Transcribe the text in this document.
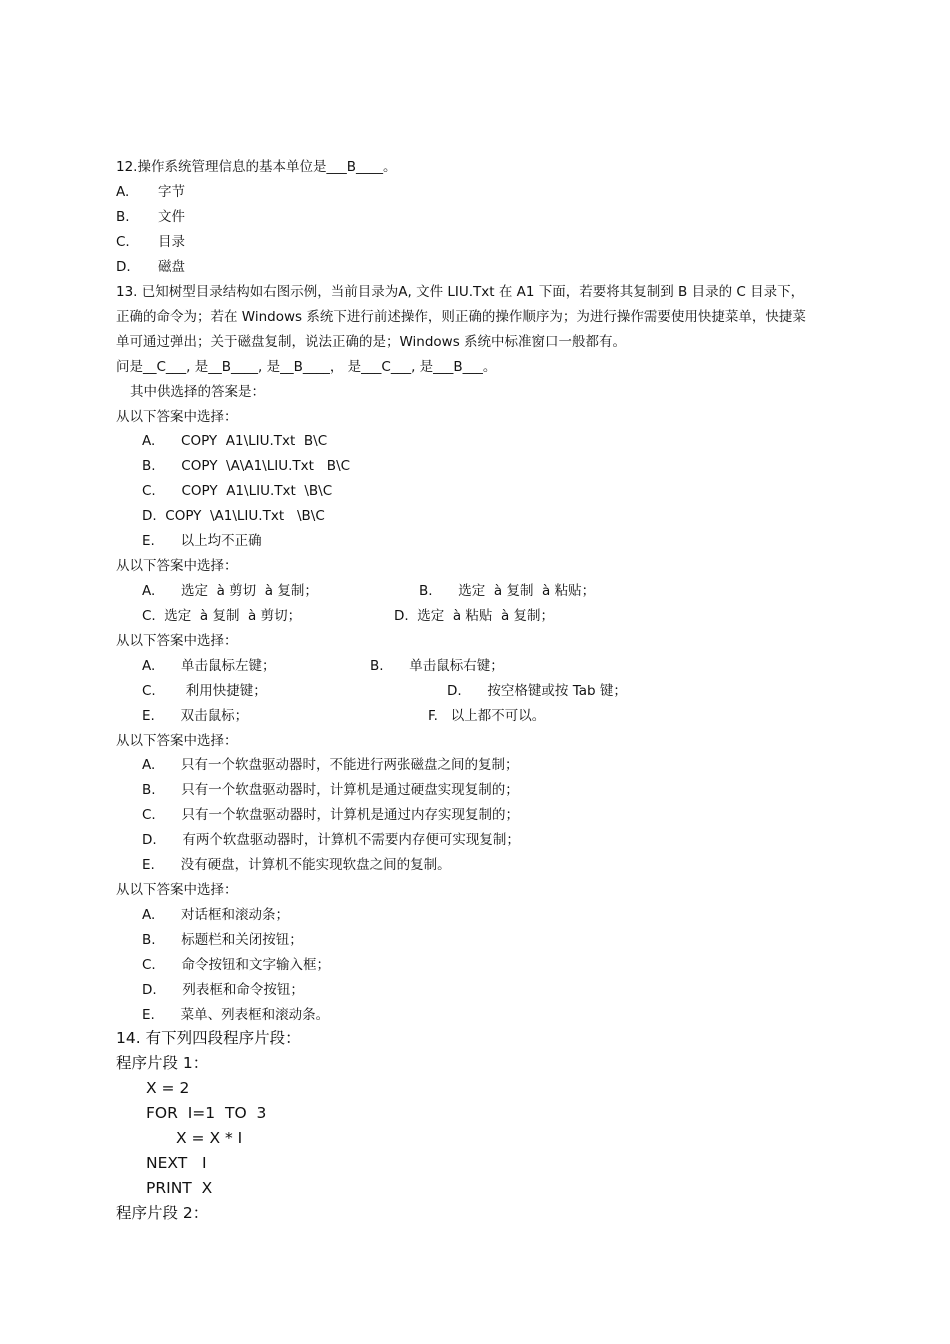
12.操作系统管理信息的基本单位是___B____。
A. 字节
B. 文件
C. 目录
D. 磁盘
13. 已知树型目录结构如右图示例，当前目录为A, 文件 LIU.Txt 在 A1 下面，若要将其复制到 B 目录的 C 目录下，
正确的命令为；若在 Windows 系统下进行前述操作，则正确的操作顺序为；为进行操作需要使用快捷菜单，快捷菜
单可通过弹出；关于磁盘复制，说法正确的是；Windows 系统中标准窗口一般都有。
问是__C___, 是__B____, 是__B____， 是___C___, 是___B___。
其中供选择的答案是：
从以下答案中选择：
A.      COPY  A1\LIU.Txt  B\C
B.      COPY  \A\A1\LIU.Txt   B\C
C.      COPY  A1\LIU.Txt  \B\C
D.  COPY  \A1\LIU.Txt   \B\C
E.      以上均不正确
从以下答案中选择：
A.      选定  à 剪切  à 复制；	B.      选定  à 复制  à 粘贴；
C.  选定  à 复制  à 剪切；	D.  选定  à 粘贴  à 复制；
从以下答案中选择：
A.      单击鼠标左键；	B.      单击鼠标右键；
C.       利用快捷键；	D.      按空格键或按 Tab 键；
E.      双击鼠标；	F.   以上都不可以。
从以下答案中选择：
A.      只有一个软盘驱动器时，不能进行两张磁盘之间的复制；
B.      只有一个软盘驱动器时，计算机是通过硬盘实现复制的；
C.      只有一个软盘驱动器时，计算机是通过内存实现复制的；
D.      有两个软盘驱动器时，计算机不需要内存便可实现复制；
E.      没有硬盘，计算机不能实现软盘之间的复制。
从以下答案中选择：
A.      对话框和滚动条；
B.      标题栏和关闭按钮；
C.      命令按钮和文字输入框；
D.      列表框和命令按钮；
E.      菜单、列表框和滚动条。
14. 有下列四段程序片段：
程序片段 1：
X = 2
FOR  I=1  TO  3
X = X * I
NEXT   I
PRINT  X
程序片段 2：
